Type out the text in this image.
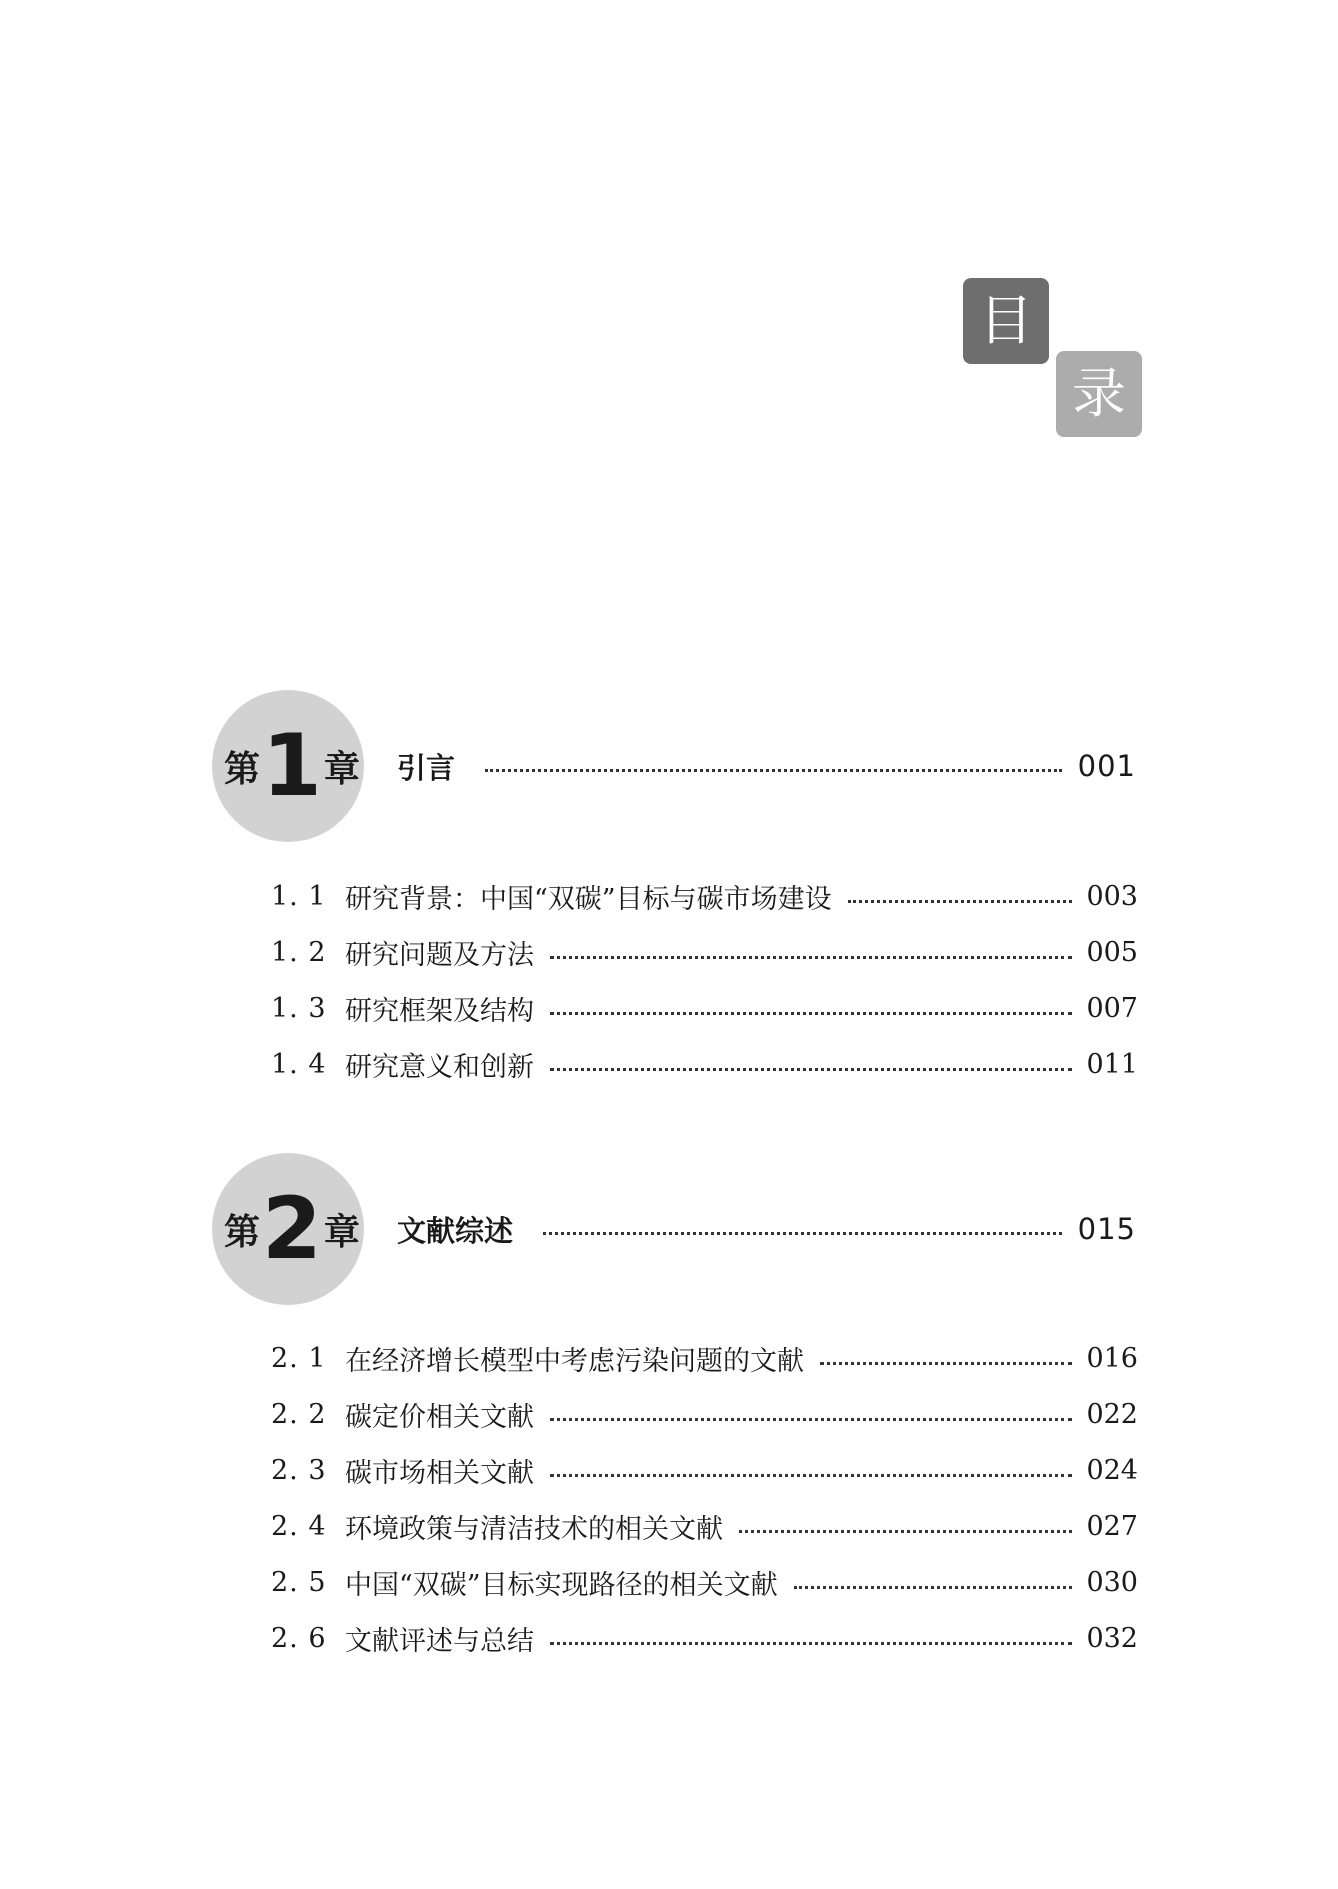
目
录
第 1 章 引言	001
1. 1 研究背景：中国“双碳”目标与碳市场建设	003
1. 2 研究问题及方法	005
1. 3 研究框架及结构	007
1. 4 研究意义和创新	011
第 2 章 文献综述	015
2. 1 在经济增长模型中考虑污染问题的文献	016
2. 2 碳定价相关文献	022
2. 3 碳市场相关文献	024
2. 4 环境政策与清洁技术的相关文献	027
2. 5 中国“双碳”目标实现路径的相关文献	030
2. 6 文献评述与总结	032
